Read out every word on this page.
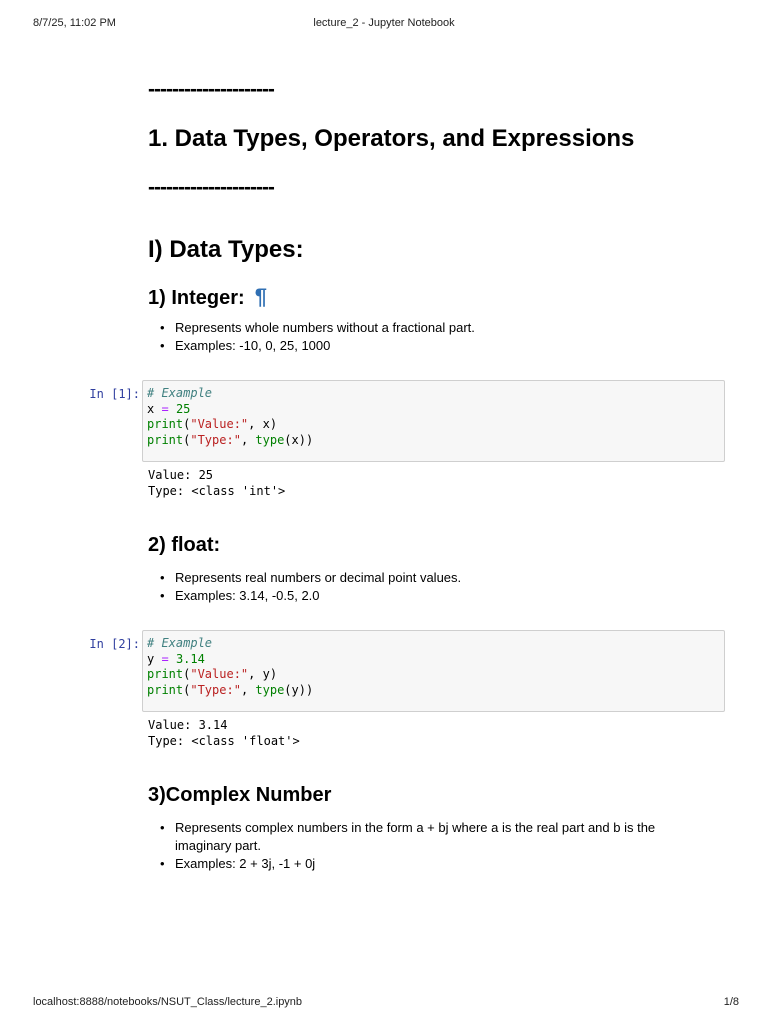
8/7/25, 11:02 PM	lecture_2 - Jupyter Notebook
---------------------
1. Data Types, Operators, and Expressions
---------------------
I) Data Types:
1) Integer: ¶
• Represents whole numbers without a fractional part.
• Examples: -10, 0, 25, 1000
In [1]: # Example
x = 25
print("Value:", x)
print("Type:", type(x))
Value: 25
Type: <class 'int'>
2) float:
• Represents real numbers or decimal point values.
• Examples: 3.14, -0.5, 2.0
In [2]: # Example
y = 3.14
print("Value:", y)
print("Type:", type(y))
Value: 3.14
Type: <class 'float'>
3)Complex Number
• Represents complex numbers in the form a + bj where a is the real part and b is the imaginary part.
• Examples: 2 + 3j, -1 + 0j
localhost:8888/notebooks/NSUT_Class/lecture_2.ipynb	1/8
